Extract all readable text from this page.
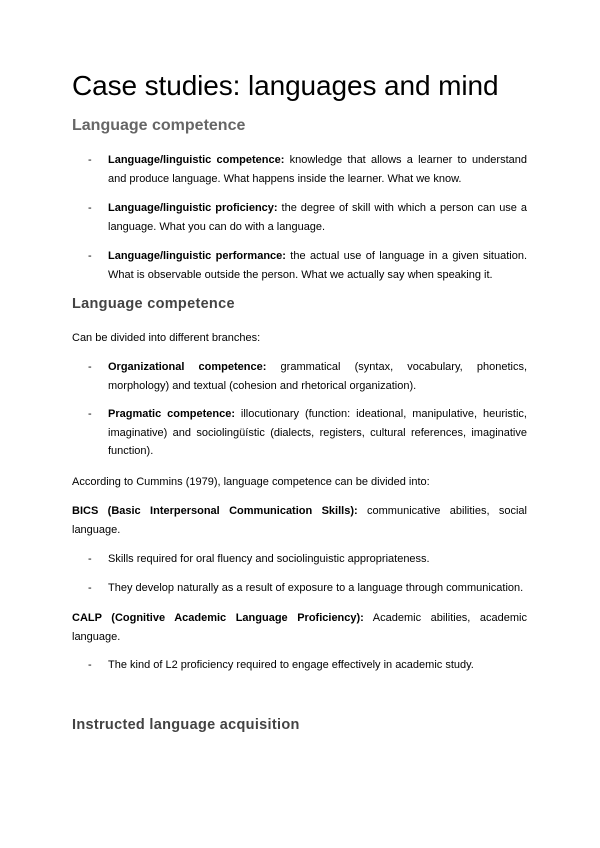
Case studies: languages and mind
Language competence
- Language/linguistic competence: knowledge that allows a learner to understand and produce language. What happens inside the learner. What we know.
- Language/linguistic proficiency: the degree of skill with which a person can use a language. What you can do with a language.
- Language/linguistic performance: the actual use of language in a given situation. What is observable outside the person. What we actually say when speaking it.
Language competence

Can be divided into different branches:

- Organizational competence: grammatical (syntax, vocabulary, phonetics, morphology) and textual (cohesion and rhetorical organization).
- Pragmatic competence: illocutionary (function: ideational, manipulative, heuristic, imaginative) and sociolingüístic (dialects, registers, cultural references, imaginative function).

According to Cummins (1979), language competence can be divided into:

BICS (Basic Interpersonal Communication Skills): communicative abilities, social language.

- Skills required for oral fluency and sociolinguistic appropriateness.
- They develop naturally as a result of exposure to a language through communication.

CALP (Cognitive Academic Language Proficiency): Academic abilities, academic language.

- The kind of L2 proficiency required to engage effectively in academic study.
Instructed language acquisition
